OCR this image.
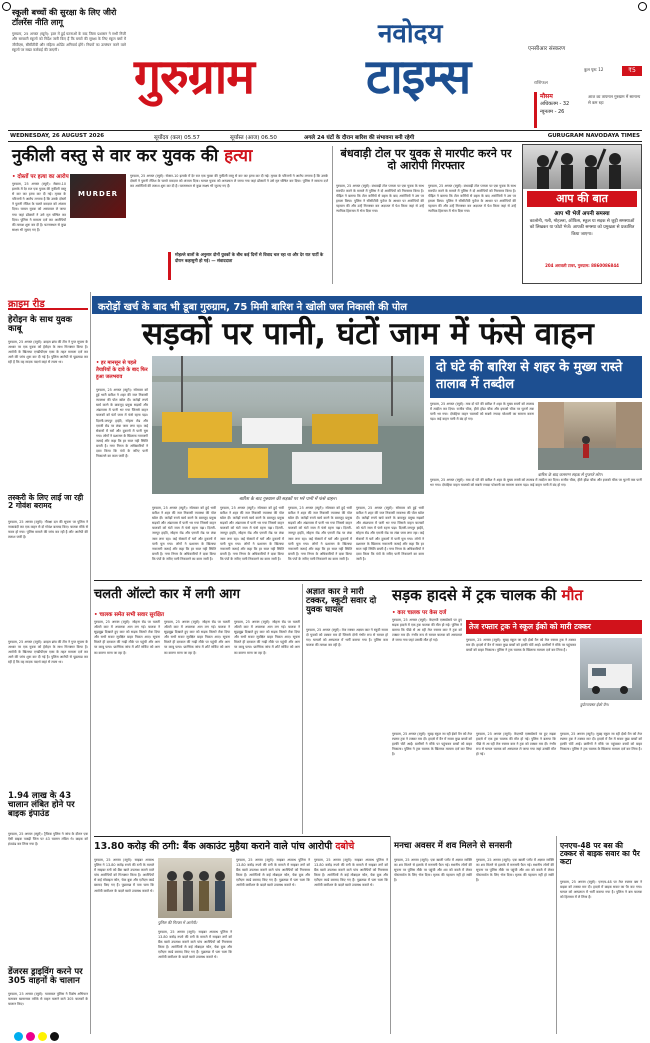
स्कूली बच्चों की सुरक्षा के लिए जीरो टॉलरेंस नीति लागू
गुरुग्राम, 25 अगस्त (ब्यूरो): हाल में हुई घटनाओं के बाद जिला प्रशासन ने सभी निजी और सरकारी स्कूलों को निर्देश जारी किए हैं कि बच्चों की सुरक्षा के लिए स्कूल बसों में जीपीएस, सीसीटीवी और महिला अटेंडेंट अनिवार्य होंगे। नियमों का उल्लंघन करने वाले स्कूलों पर सख्त कार्रवाई की जाएगी।
नवोदय
गुरुग्राम टाइम्स	एनसीआर संस्करण
₹5
कुल पृष्ठ: 12
राशिफल
मौसम
अधिकतम - 32
न्यूनतम - 26
आज का तापमान गुरुग्राम में सामान्य से कम रहा
WEDNESDAY, 26 AUGUST 2026	सूर्योदय (कल) 05.57	सूर्यास्त (आज) 06.50	अगले 24 घंटों के दौरान बारिश की संभावना बनी रहेगी	GURUGRAM NAVODAYA TIMES
नुकीली वस्तु से वार कर युवक की हत्या
• दोस्तों पर हत्या का आरोप
गुरुग्राम, 25 अगस्त (ब्यूरो): सेक्टर-10 इलाके में देर रात एक युवक की नुकीली वस्तु से वार कर हत्या कर दी गई। मृतक के परिजनों ने आरोप लगाया है कि उसके दोस्तों ने पुरानी रंजिश के चलते वारदात को अंजाम दिया। घायल युवक को अस्पताल ले जाया गया जहां डॉक्टरों ने उसे मृत घोषित कर दिया। पुलिस ने मामला दर्ज कर आरोपियों की तलाश शुरू कर दी है। घटनास्थल से कुछ साक्ष्य भी जुटाए गए हैं।
MURDER
गुरुग्राम, 25 अगस्त (ब्यूरो): सेक्टर-10 इलाके में देर रात एक युवक की नुकीली वस्तु से वार कर हत्या कर दी गई। मृतक के परिजनों ने आरोप लगाया है कि उसके दोस्तों ने पुरानी रंजिश के चलते वारदात को अंजाम दिया। घायल युवक को अस्पताल ले जाया गया जहां डॉक्टरों ने उसे मृत घोषित कर दिया। पुलिस ने मामला दर्ज कर आरोपियों की तलाश शुरू कर दी है। घटनास्थल से कुछ साक्ष्य भी जुटाए गए हैं।
मोहल्ले वालों के अनुसार दोनों युवकों के बीच कई दिनों से विवाद चल रहा था और देर रात पार्टी के दौरान कहासुनी हो गई। — संवाददाता
बंधवाड़ी टोल पर युवक से मारपीट करने पर दो आरोपी गिरफ्तार
गुरुग्राम, 25 अगस्त (ब्यूरो): बंधवाड़ी टोल प्लाजा पर एक युवक के साथ मारपीट करने के मामले में पुलिस ने दो आरोपियों को गिरफ्तार किया है। पीड़ित ने बताया कि टोल कर्मियों से बहस के बाद आरोपियों ने उस पर हमला किया। पुलिस ने सीसीटीवी फुटेज के आधार पर आरोपियों की पहचान की और उन्हें गिरफ्तार कर अदालत में पेश किया जहां से उन्हें न्यायिक हिरासत में भेज दिया गया।
गुरुग्राम, 25 अगस्त (ब्यूरो): बंधवाड़ी टोल प्लाजा पर एक युवक के साथ मारपीट करने के मामले में पुलिस ने दो आरोपियों को गिरफ्तार किया है। पीड़ित ने बताया कि टोल कर्मियों से बहस के बाद आरोपियों ने उस पर हमला किया। पुलिस ने सीसीटीवी फुटेज के आधार पर आरोपियों की पहचान की और उन्हें गिरफ्तार कर अदालत में पेश किया जहां से उन्हें न्यायिक हिरासत में भेज दिया गया।
आप की बात
आप भी भेजें अपनी समस्या
कालोनी, गली, मोहल्ला, ऑफिस, स्कूल या सड़क से जुड़ी समस्याओं को लिखकर या फोटो भेजें। आपकी समस्या को प्रमुखता से प्रकाशित किया जाएगा।
204 अरावली टावर, गुरुग्राम: 8860086844
करोड़ों खर्च के बाद भी डूबा गुरुग्राम, 75 मिमी बारिश ने खोली जल निकासी की पोल
सड़कों पर पानी, घंटों जाम में फंसे वाहन
क्राइम रीड
हेरोइन के साथ युवक काबू
गुरुग्राम, 25 अगस्त (ब्यूरो): क्राइम ब्रांच की टीम ने गुप्त सूचना के आधार पर एक युवक को हेरोइन के साथ गिरफ्तार किया है। आरोपी के खिलाफ एनडीपीएस एक्ट के तहत मामला दर्ज कर आगे की जांच शुरू कर दी गई है। पुलिस आरोपी से पूछताछ कर रही है कि वह मादक पदार्थ कहां से लाता था।
तस्करी के लिए लाई जा रही 2 गोवंश बरामद
गुरुग्राम, 25 अगस्त (ब्यूरो): गौरक्षा दल की सूचना पर पुलिस ने नाकाबंदी कर एक वाहन से दो गोवंश बरामद किए। चालक मौके से फरार हो गया। पुलिस मामले की जांच कर रही है और आरोपी की तलाश जारी है।
गुरुग्राम, 25 अगस्त (ब्यूरो): क्राइम ब्रांच की टीम ने गुप्त सूचना के आधार पर एक युवक को हेरोइन के साथ गिरफ्तार किया है। आरोपी के खिलाफ एनडीपीएस एक्ट के तहत मामला दर्ज कर आगे की जांच शुरू कर दी गई है। पुलिस आरोपी से पूछताछ कर रही है कि वह मादक पदार्थ कहां से लाता था।
1.94 लाख के 43 चालान लंबित होने पर बाइक इंपाउंड
गुरुग्राम, 25 अगस्त (ब्यूरो): ट्रैफिक पुलिस ने जांच के दौरान एक ऐसी बाइक पकड़ी जिस पर 43 चालान लंबित थे। बाइक को इंपाउंड कर लिया गया है।
डेंजरस ड्राइविंग करने पर 305 वाहनों के चालान
गुरुग्राम, 25 अगस्त (ब्यूरो): यातायात पुलिस ने विशेष अभियान चलाकर खतरनाक तरीके से वाहन चलाने वाले 305 चालकों के चालान किए।
• हर मानसून से पहले तैयारियों के दावे के बाद फिर हुआ जलभराव
गुरुग्राम, 25 अगस्त (ब्यूरो): सोमवार को हुई भारी बारिश ने शहर की जल निकासी व्यवस्था की पोल खोल दी। करोड़ों रुपये खर्च करने के बावजूद प्रमुख सड़कों और अंडरपास में पानी भर गया जिससे वाहन चालकों को घंटों जाम में फंसे रहना पड़ा। दिल्ली-जयपुर हाईवे, सोहना रोड और एमजी रोड पर लंबा जाम लगा रहा। कई सेक्टरों में घरों और दुकानों में पानी घुस गया। लोगों ने प्रशासन के खिलाफ नाराजगी जताई और कहा कि हर साल यही स्थिति बनती है। नगर निगम के अधिकारियों ने दावा किया कि पंपों के जरिए पानी निकालने का काम जारी है।
बारिश के बाद गुरुग्राम की सड़कों पर भरे पानी में फंसे वाहन।
गुरुग्राम, 25 अगस्त (ब्यूरो): सोमवार को हुई भारी बारिश ने शहर की जल निकासी व्यवस्था की पोल खोल दी। करोड़ों रुपये खर्च करने के बावजूद प्रमुख सड़कों और अंडरपास में पानी भर गया जिससे वाहन चालकों को घंटों जाम में फंसे रहना पड़ा। दिल्ली-जयपुर हाईवे, सोहना रोड और एमजी रोड पर लंबा जाम लगा रहा। कई सेक्टरों में घरों और दुकानों में पानी घुस गया। लोगों ने प्रशासन के खिलाफ नाराजगी जताई और कहा कि हर साल यही स्थिति बनती है। नगर निगम के अधिकारियों ने दावा किया कि पंपों के जरिए पानी निकालने का काम जारी है।
गुरुग्राम, 25 अगस्त (ब्यूरो): सोमवार को हुई भारी बारिश ने शहर की जल निकासी व्यवस्था की पोल खोल दी। करोड़ों रुपये खर्च करने के बावजूद प्रमुख सड़कों और अंडरपास में पानी भर गया जिससे वाहन चालकों को घंटों जाम में फंसे रहना पड़ा। दिल्ली-जयपुर हाईवे, सोहना रोड और एमजी रोड पर लंबा जाम लगा रहा। कई सेक्टरों में घरों और दुकानों में पानी घुस गया। लोगों ने प्रशासन के खिलाफ नाराजगी जताई और कहा कि हर साल यही स्थिति बनती है। नगर निगम के अधिकारियों ने दावा किया कि पंपों के जरिए पानी निकालने का काम जारी है।
गुरुग्राम, 25 अगस्त (ब्यूरो): सोमवार को हुई भारी बारिश ने शहर की जल निकासी व्यवस्था की पोल खोल दी। करोड़ों रुपये खर्च करने के बावजूद प्रमुख सड़कों और अंडरपास में पानी भर गया जिससे वाहन चालकों को घंटों जाम में फंसे रहना पड़ा। दिल्ली-जयपुर हाईवे, सोहना रोड और एमजी रोड पर लंबा जाम लगा रहा। कई सेक्टरों में घरों और दुकानों में पानी घुस गया। लोगों ने प्रशासन के खिलाफ नाराजगी जताई और कहा कि हर साल यही स्थिति बनती है। नगर निगम के अधिकारियों ने दावा किया कि पंपों के जरिए पानी निकालने का काम जारी है।
गुरुग्राम, 25 अगस्त (ब्यूरो): सोमवार को हुई भारी बारिश ने शहर की जल निकासी व्यवस्था की पोल खोल दी। करोड़ों रुपये खर्च करने के बावजूद प्रमुख सड़कों और अंडरपास में पानी भर गया जिससे वाहन चालकों को घंटों जाम में फंसे रहना पड़ा। दिल्ली-जयपुर हाईवे, सोहना रोड और एमजी रोड पर लंबा जाम लगा रहा। कई सेक्टरों में घरों और दुकानों में पानी घुस गया। लोगों ने प्रशासन के खिलाफ नाराजगी जताई और कहा कि हर साल यही स्थिति बनती है। नगर निगम के अधिकारियों ने दावा किया कि पंपों के जरिए पानी निकालने का काम जारी है।
दो घंटे की बारिश से शहर के मुख्य रास्ते तालाब में तब्दील
गुरुग्राम, 25 अगस्त (ब्यूरो): मात्र दो घंटे की बारिश ने शहर के मुख्य रास्तों को तालाब में तब्दील कर दिया। राजीव चौक, हीरो होंडा चौक और इफको चौक पर घुटनों तक पानी भर गया। दोपहिया वाहन चालकों को सबसे ज्यादा परेशानी का सामना करना पड़ा। कई वाहन पानी में बंद हो गए।
बारिश के बाद जलमग्न सड़क से गुजरते लोग।
गुरुग्राम, 25 अगस्त (ब्यूरो): मात्र दो घंटे की बारिश ने शहर के मुख्य रास्तों को तालाब में तब्दील कर दिया। राजीव चौक, हीरो होंडा चौक और इफको चौक पर घुटनों तक पानी भर गया। दोपहिया वाहन चालकों को सबसे ज्यादा परेशानी का सामना करना पड़ा। कई वाहन पानी में बंद हो गए।
चलती ऑल्टो कार में लगी आग
• चालक समेत सभी सवार सुरक्षित
गुरुग्राम, 25 अगस्त (ब्यूरो): सोहना रोड पर चलती ऑल्टो कार में अचानक आग लग गई। चालक ने सूझबूझ दिखाते हुए कार को सड़क किनारे रोक दिया और सभी सवार सुरक्षित बाहर निकल आए। सूचना मिलते ही दमकल की गाड़ी मौके पर पहुंची और आग पर काबू पाया। प्रारंभिक जांच में शॉर्ट सर्किट को आग का कारण माना जा रहा है।
गुरुग्राम, 25 अगस्त (ब्यूरो): सोहना रोड पर चलती ऑल्टो कार में अचानक आग लग गई। चालक ने सूझबूझ दिखाते हुए कार को सड़क किनारे रोक दिया और सभी सवार सुरक्षित बाहर निकल आए। सूचना मिलते ही दमकल की गाड़ी मौके पर पहुंची और आग पर काबू पाया। प्रारंभिक जांच में शॉर्ट सर्किट को आग का कारण माना जा रहा है।
गुरुग्राम, 25 अगस्त (ब्यूरो): सोहना रोड पर चलती ऑल्टो कार में अचानक आग लग गई। चालक ने सूझबूझ दिखाते हुए कार को सड़क किनारे रोक दिया और सभी सवार सुरक्षित बाहर निकल आए। सूचना मिलते ही दमकल की गाड़ी मौके पर पहुंची और आग पर काबू पाया। प्रारंभिक जांच में शॉर्ट सर्किट को आग का कारण माना जा रहा है।
अज्ञात कार ने मारी टक्कर, स्कूटी सवार दो युवक घायल
गुरुग्राम, 25 अगस्त (ब्यूरो): तेज रफ्तार अज्ञात कार ने स्कूटी सवार दो युवकों को टक्कर मार दी जिससे दोनों गंभीर रूप से घायल हो गए। घायलों को अस्पताल में भर्ती कराया गया है। पुलिस कार चालक की तलाश कर रही है।
सड़क हादसे में ट्रक चालक की मौत
• कार चालक पर केस दर्ज
गुरुग्राम, 25 अगस्त (ब्यूरो): केएमपी एक्सप्रेसवे पर हुए सड़क हादसे में एक ट्रक चालक की मौत हो गई। पुलिस ने बताया कि पीछे से आ रही तेज रफ्तार कार ने ट्रक को टक्कर मार दी। गंभीर रूप से घायल चालक को अस्पताल ले जाया गया जहां उसकी मौत हो गई।
तेज रफ्तार ट्रक ने स्कूल ईको को मारी टक्कर
गुरुग्राम, 25 अगस्त (ब्यूरो): सुबह स्कूल जा रही ईको वैन को तेज रफ्तार ट्रक ने टक्कर मार दी। हादसे में वैन में सवार कुछ बच्चों को हल्की चोटें आईं। ग्रामीणों ने मौके पर पहुंचकर बच्चों को बाहर निकाला। पुलिस ने ट्रक चालक के खिलाफ मामला दर्ज कर लिया है।
दुर्घटनाग्रस्त ईको वैन।
गुरुग्राम, 25 अगस्त (ब्यूरो): सुबह स्कूल जा रही ईको वैन को तेज रफ्तार ट्रक ने टक्कर मार दी। हादसे में वैन में सवार कुछ बच्चों को हल्की चोटें आईं। ग्रामीणों ने मौके पर पहुंचकर बच्चों को बाहर निकाला। पुलिस ने ट्रक चालक के खिलाफ मामला दर्ज कर लिया है।
गुरुग्राम, 25 अगस्त (ब्यूरो): केएमपी एक्सप्रेसवे पर हुए सड़क हादसे में एक ट्रक चालक की मौत हो गई। पुलिस ने बताया कि पीछे से आ रही तेज रफ्तार कार ने ट्रक को टक्कर मार दी। गंभीर रूप से घायल चालक को अस्पताल ले जाया गया जहां उसकी मौत हो गई।
गुरुग्राम, 25 अगस्त (ब्यूरो): सुबह स्कूल जा रही ईको वैन को तेज रफ्तार ट्रक ने टक्कर मार दी। हादसे में वैन में सवार कुछ बच्चों को हल्की चोटें आईं। ग्रामीणों ने मौके पर पहुंचकर बच्चों को बाहर निकाला। पुलिस ने ट्रक चालक के खिलाफ मामला दर्ज कर लिया है।
13.80 करोड़ की ठगी: बैंक अकाउंट मुहैया कराने वाले पांच आरोपी दबोचे
गुरुग्राम, 25 अगस्त (ब्यूरो): साइबर अपराध पुलिस ने 13.80 करोड़ रुपये की ठगी के मामले में साइबर ठगों को बैंक खाते उपलब्ध कराने वाले पांच आरोपियों को गिरफ्तार किया है। आरोपियों से कई मोबाइल फोन, चेक बुक और एटीएम कार्ड बरामद किए गए हैं। पूछताछ में पता चला कि आरोपी कमीशन के बदले खाते उपलब्ध कराते थे।
पुलिस की गिरफ्त में आरोपी।
गुरुग्राम, 25 अगस्त (ब्यूरो): साइबर अपराध पुलिस ने 13.80 करोड़ रुपये की ठगी के मामले में साइबर ठगों को बैंक खाते उपलब्ध कराने वाले पांच आरोपियों को गिरफ्तार किया है। आरोपियों से कई मोबाइल फोन, चेक बुक और एटीएम कार्ड बरामद किए गए हैं। पूछताछ में पता चला कि आरोपी कमीशन के बदले खाते उपलब्ध कराते थे।
गुरुग्राम, 25 अगस्त (ब्यूरो): साइबर अपराध पुलिस ने 13.80 करोड़ रुपये की ठगी के मामले में साइबर ठगों को बैंक खाते उपलब्ध कराने वाले पांच आरोपियों को गिरफ्तार किया है। आरोपियों से कई मोबाइल फोन, चेक बुक और एटीएम कार्ड बरामद किए गए हैं। पूछताछ में पता चला कि आरोपी कमीशन के बदले खाते उपलब्ध कराते थे।
गुरुग्राम, 25 अगस्त (ब्यूरो): साइबर अपराध पुलिस ने 13.80 करोड़ रुपये की ठगी के मामले में साइबर ठगों को बैंक खाते उपलब्ध कराने वाले पांच आरोपियों को गिरफ्तार किया है। आरोपियों से कई मोबाइल फोन, चेक बुक और एटीएम कार्ड बरामद किए गए हैं। पूछताछ में पता चला कि आरोपी कमीशन के बदले खाते उपलब्ध कराते थे।
मनचा अवसर में शव मिलने से सनसनी
गुरुग्राम, 25 अगस्त (ब्यूरो): एक खाली प्लॉट में अज्ञात व्यक्ति का शव मिलने से इलाके में सनसनी फैल गई। स्थानीय लोगों की सूचना पर पुलिस मौके पर पहुंची और शव को कब्जे में लेकर पोस्टमार्टम के लिए भेज दिया। मृतक की पहचान नहीं हो सकी है।
गुरुग्राम, 25 अगस्त (ब्यूरो): एक खाली प्लॉट में अज्ञात व्यक्ति का शव मिलने से इलाके में सनसनी फैल गई। स्थानीय लोगों की सूचना पर पुलिस मौके पर पहुंची और शव को कब्जे में लेकर पोस्टमार्टम के लिए भेज दिया। मृतक की पहचान नहीं हो सकी है।
एनएच-48 पर बस की टक्कर से बाइक सवार का पैर कटा
गुरुग्राम, 25 अगस्त (ब्यूरो): एनएच-48 पर तेज रफ्तार बस ने बाइक को टक्कर मार दी। हादसे में बाइक सवार का पैर कट गया। घायल को अस्पताल में भर्ती कराया गया है। पुलिस ने बस चालक को हिरासत में ले लिया है।
